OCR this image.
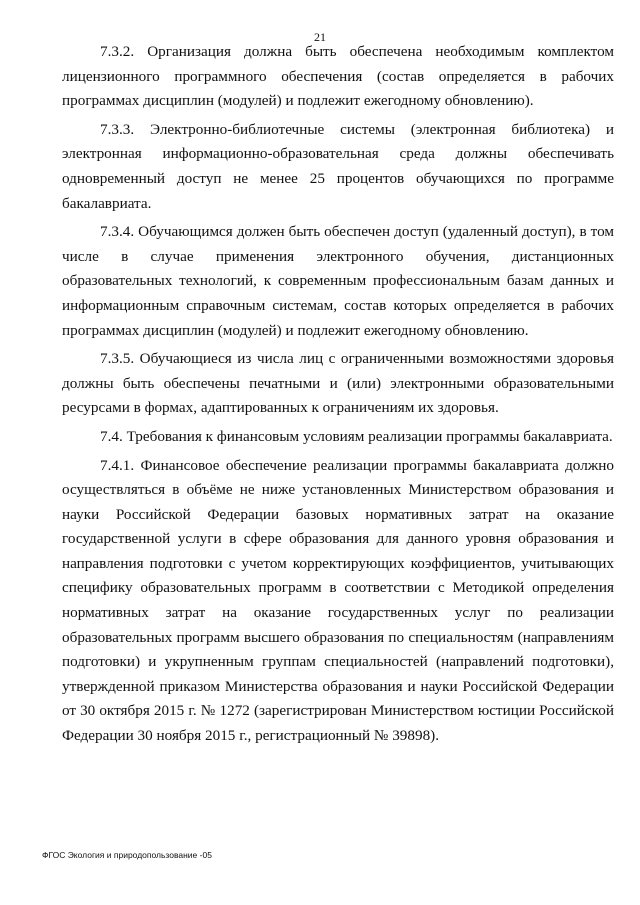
21

7.3.2. Организация должна быть обеспечена необходимым комплектом лицензионного программного обеспечения (состав определяется в рабочих программах дисциплин (модулей) и подлежит ежегодному обновлению).

7.3.3. Электронно-библиотечные системы (электронная библиотека) и электронная информационно-образовательная среда должны обеспечивать одновременный доступ не менее 25 процентов обучающихся по программе бакалавриата.

7.3.4. Обучающимся должен быть обеспечен доступ (удаленный доступ), в том числе в случае применения электронного обучения, дистанционных образовательных технологий, к современным профессиональным базам данных и информационным справочным системам, состав которых определяется в рабочих программах дисциплин (модулей) и подлежит ежегодному обновлению.

7.3.5. Обучающиеся из числа лиц с ограниченными возможностями здоровья должны быть обеспечены печатными и (или) электронными образовательными ресурсами в формах, адаптированных к ограничениям их здоровья.

7.4. Требования к финансовым условиям реализации программы бакалавриата.

7.4.1. Финансовое обеспечение реализации программы бакалавриата должно осуществляться в объёме не ниже установленных Министерством образования и науки Российской Федерации базовых нормативных затрат на оказание государственной услуги в сфере образования для данного уровня образования и направления подготовки с учетом корректирующих коэффициентов, учитывающих специфику образовательных программ в соответствии с Методикой определения нормативных затрат на оказание государственных услуг по реализации образовательных программ высшего образования по специальностям (направлениям подготовки) и укрупненным группам специальностей (направлений подготовки), утвержденной приказом Министерства образования и науки Российской Федерации от 30 октября 2015 г. № 1272 (зарегистрирован Министерством юстиции Российской Федерации 30 ноября 2015 г., регистрационный № 39898).

ФГОС Экология и природопользование -05
